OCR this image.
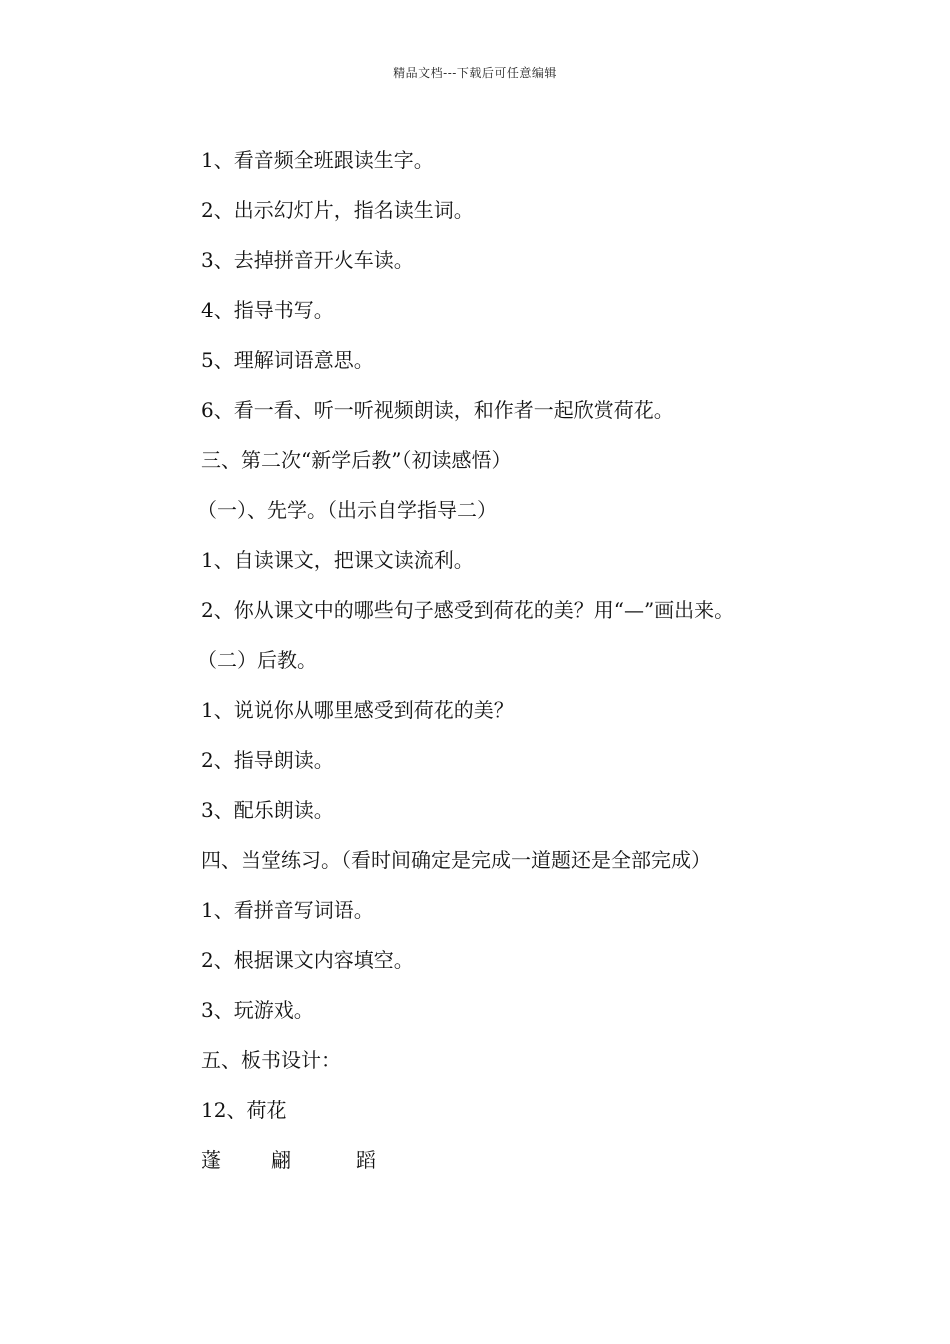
精品文档---下载后可任意编辑
1、看音频全班跟读生字。
2、出示幻灯片，指名读生词。
3、去掉拼音开火车读。
4、指导书写。
5、理解词语意思。
6、看一看、听一听视频朗读，和作者一起欣赏荷花。
三、第二次“新学后教”（初读感悟）
（一）、先学。（出示自学指导二）
1、自读课文，把课文读流利。
2、你从课文中的哪些句子感受到荷花的美？用“—”画出来。
（二）后教。
1、说说你从哪里感受到荷花的美？
2、指导朗读。
3、配乐朗读。
四、当堂练习。（看时间确定是完成一道题还是全部完成）
1、看拼音写词语。
2、根据课文内容填空。
3、玩游戏。
五、板书设计：
12、荷花
蓬	翩	蹈
